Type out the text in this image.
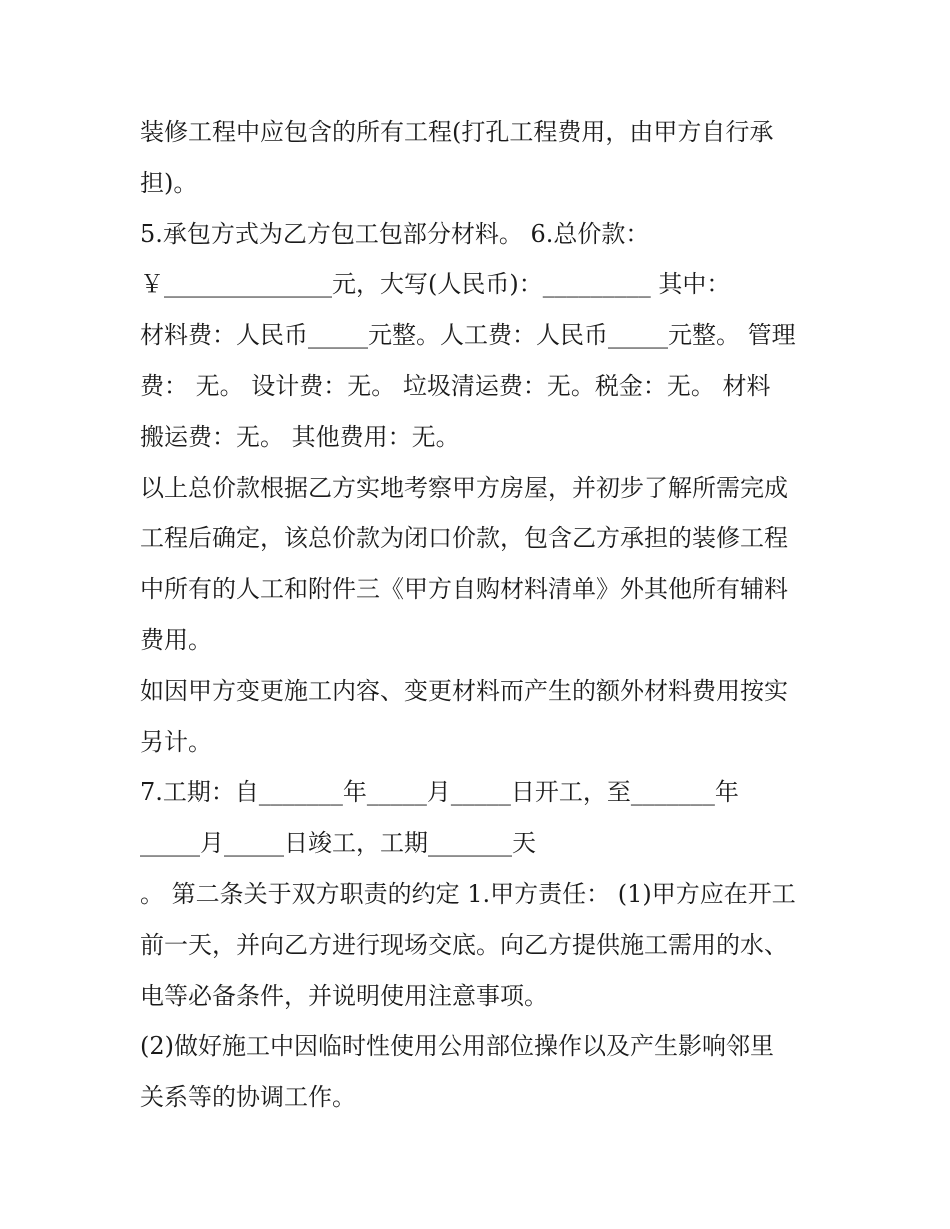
装修工程中应包含的所有工程(打孔工程费用，由甲方自行承
担)。
5.承包方式为乙方包工包部分材料。 6.总价款：
￥______________元，大写(人民币)：_________ 其中：
材料费：人民币_____元整。人工费：人民币_____元整。 管理
费： 无。 设计费：无。 垃圾清运费：无。税金：无。 材料
搬运费：无。 其他费用：无。
以上总价款根据乙方实地考察甲方房屋，并初步了解所需完成
工程后确定，该总价款为闭口价款，包含乙方承担的装修工程
中所有的人工和附件三《甲方自购材料清单》外其他所有辅料
费用。
如因甲方变更施工内容、变更材料而产生的额外材料费用按实
另计。
7.工期：自_______年_____月_____日开工，至_______年
_____月_____日竣工，工期_______天
。 第二条关于双方职责的约定 1.甲方责任： (1)甲方应在开工
前一天，并向乙方进行现场交底。向乙方提供施工需用的水、
电等必备条件，并说明使用注意事项。
(2)做好施工中因临时性使用公用部位操作以及产生影响邻里
关系等的协调工作。
